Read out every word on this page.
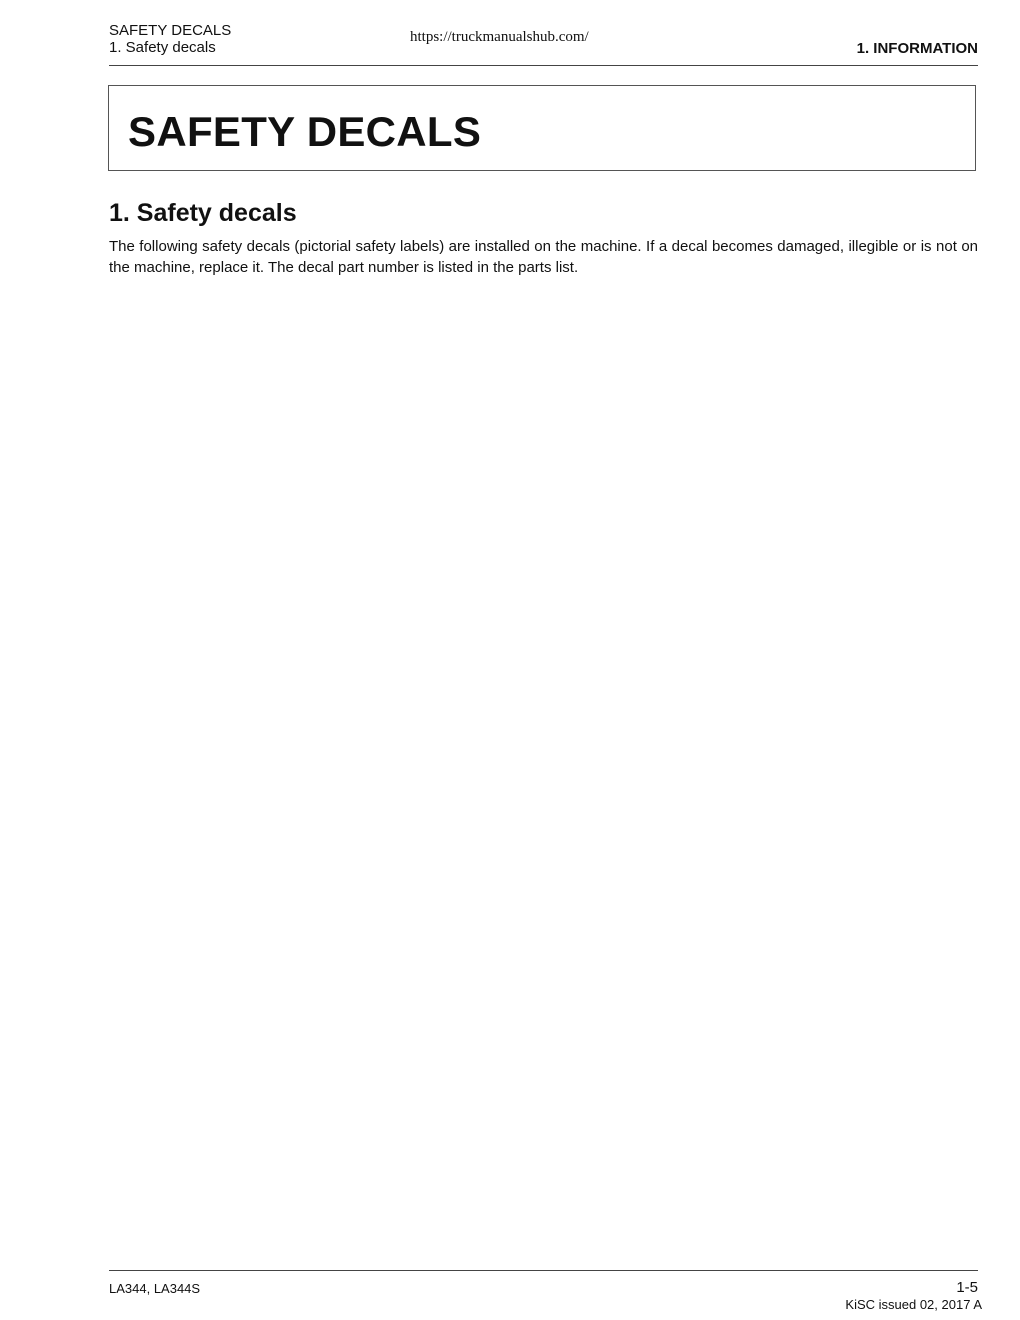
SAFETY DECALS
1. Safety decals
https://truckmanualshub.com/
1. INFORMATION
SAFETY DECALS
1. Safety decals
The following safety decals (pictorial safety labels) are installed on the machine. If a decal becomes damaged, illegible or is not on the machine, replace it. The decal part number is listed in the parts list.
LA344, LA344S	1-5
KiSC issued 02, 2017 A
